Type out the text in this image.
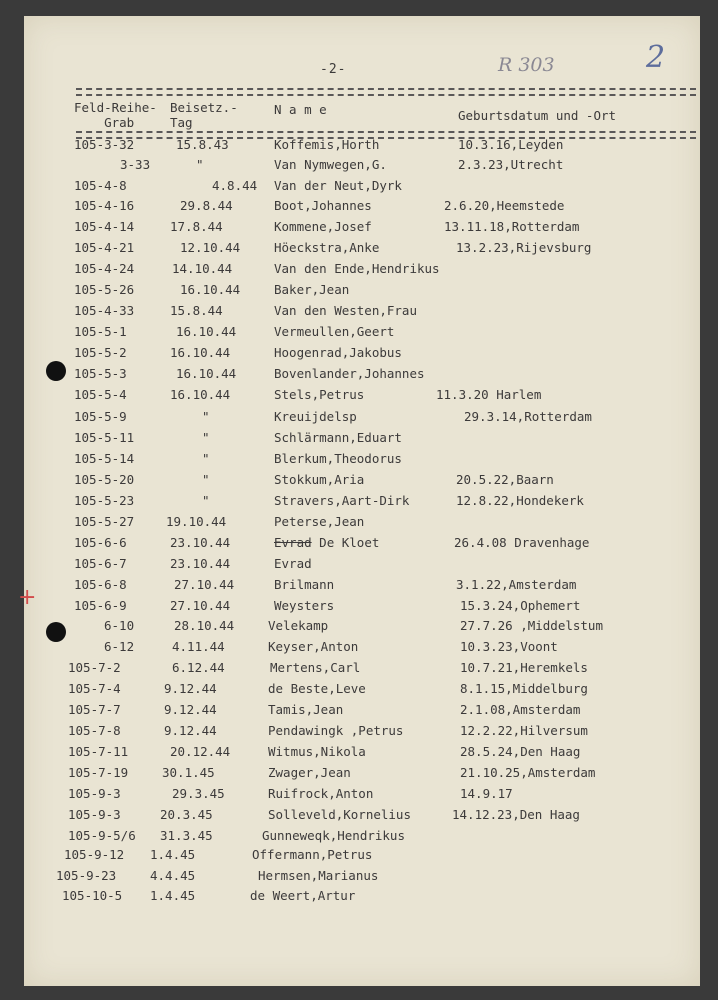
R 303	2
-2-
Feld-Reihe-
Grab
Beisetz.-
Tag
N a m e	Geburtsdatum und -Ort
105-3-32	15.8.43	Koffemis,Horth	10.3.16,Leyden
3-33	"	Van Nymwegen,G.	2.3.23,Utrecht
105-4-8	4.8.44 Van der Neut,Dyrk
105-4-16	29.8.44	Boot,Johannes	2.6.20,Heemstede
105-4-14	17.8.44	Kommene,Josef	13.11.18,Rotterdam
105-4-21	12.10.44	Höeckstra,Anke	13.2.23,Rijevsburg
105-4-24	14.10.44	Van den Ende,Hendrikus
105-5-26	16.10.44	Baker,Jean
105-4-33	15.8.44	Van den Westen,Frau
105-5-1	16.10.44	Vermeullen,Geert
105-5-2	16.10.44	Hoogenrad,Jakobus
105-5-3	16.10.44	Bovenlander,Johannes
105-5-4	16.10.44	Stels,Petrus	11.3.20 Harlem
105-5-9	"	Kreuijdelsp	29.3.14,Rotterdam
105-5-11	"	Schlärmann,Eduart
105-5-14	"	Blerkum,Theodorus
105-5-20	"	Stokkum,Aria	20.5.22,Baarn
105-5-23	"	Stravers,Aart-Dirk	12.8.22,Hondekerk
105-5-27	19.10.44	Peterse,Jean
105-6-6	23.10.44	Evrad De Kloet	26.4.08 Dravenhage
105-6-7	23.10.44	Evrad
105-6-8	27.10.44	Brilmann	3.1.22,Amsterdam
105-6-9	27.10.44	Weysters	15.3.24,Ophemert
6-10	28.10.44	Velekamp	27.7.26 ,Middelstum
6-12	4.11.44	Keyser,Anton	10.3.23,Voont
105-7-2	6.12.44	Mertens,Carl	10.7.21,Heremkels
105-7-4	9.12.44	de Beste,Leve	8.1.15,Middelburg
105-7-7	9.12.44	Tamis,Jean	2.1.08,Amsterdam
105-7-8	9.12.44	Pendawingk ,Petrus	12.2.22,Hilversum
105-7-11	20.12.44	Witmus,Nikola	28.5.24,Den Haag
105-7-19	30.1.45	Zwager,Jean	21.10.25,Amsterdam
105-9-3	29.3.45	Ruifrock,Anton	14.9.17
105-9-3	20.3.45	Solleveld,Kornelius	14.12.23,Den Haag
105-9-5/6 31.3.45	Gunneweqk,Hendrikus
105-9-12 1.4.45	Offermann,Petrus
105-9-23	4.4.45	Hermsen,Marianus
105-10-5 1.4.45	de Weert,Artur
+
